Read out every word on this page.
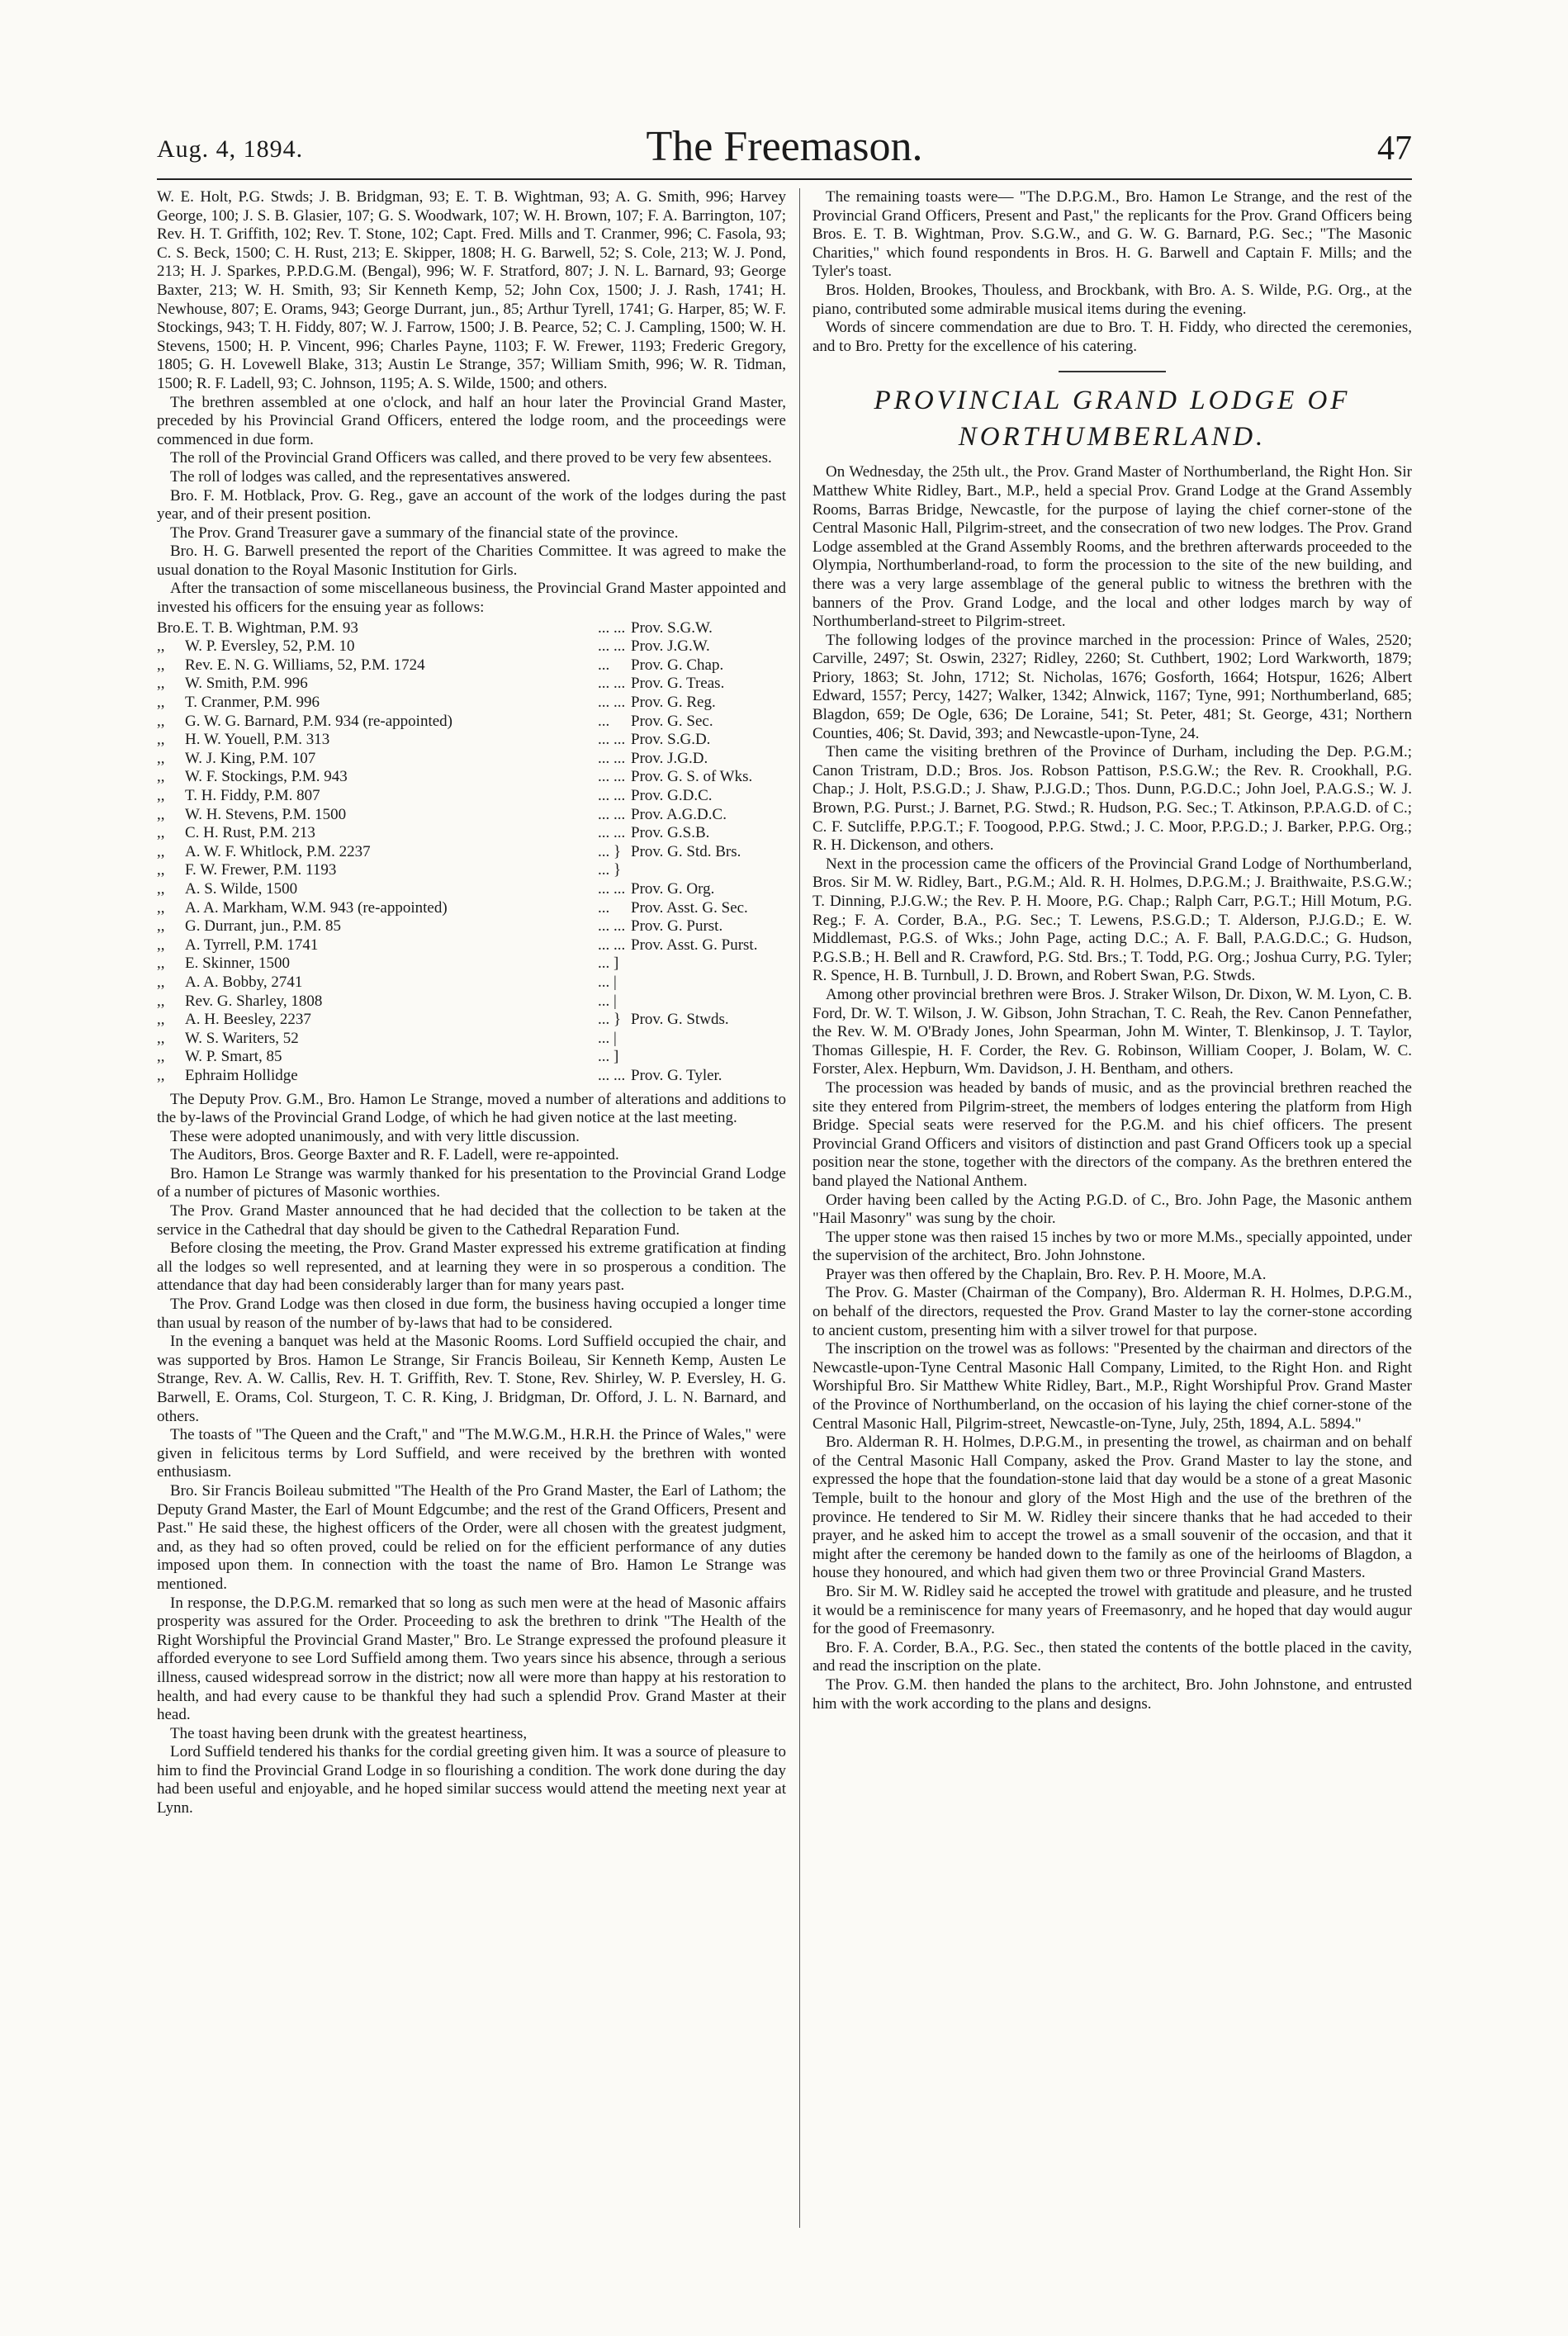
Aug. 4, 1894.	The Freemason.	47

W. E. Holt, P.G. Stwds; J. B. Bridgman, 93; E. T. B. Wightman, 93; A. G. Smith, 996; Harvey George, 100; J. S. B. Glasier, 107; G. S. Woodwark, 107; W. H. Brown, 107; F. A. Barrington, 107; Rev. H. T. Griffith, 102; Rev. T. Stone, 102; Capt. Fred. Mills and T. Cranmer, 996; C. Fasola, 93; C. S. Beck, 1500; C. H. Rust, 213; E. Skipper, 1808; H. G. Barwell, 52; S. Cole, 213; W. J. Pond, 213; H. J. Sparkes, P.P.D.G.M. (Bengal), 996; W. F. Stratford, 807; J. N. L. Barnard, 93; George Baxter, 213; W. H. Smith, 93; Sir Kenneth Kemp, 52; John Cox, 1500; J. J. Rash, 1741; H. Newhouse, 807; E. Orams, 943; George Durrant, jun., 85; Arthur Tyrell, 1741; G. Harper, 85; W. F. Stockings, 943; T. H. Fiddy, 807; W. J. Farrow, 1500; J. B. Pearce, 52; C. J. Campling, 1500; W. H. Stevens, 1500; H. P. Vincent, 996; Charles Payne, 1103; F. W. Frewer, 1193; Frederic Gregory, 1805; G. H. Lovewell Blake, 313; Austin Le Strange, 357; William Smith, 996; W. R. Tidman, 1500; R. F. Ladell, 93; C. Johnson, 1195; A. S. Wilde, 1500; and others.

The brethren assembled at one o'clock, and half an hour later the Provincial Grand Master, preceded by his Provincial Grand Officers, entered the lodge room, and the proceedings were commenced in due form.

The roll of the Provincial Grand Officers was called, and there proved to be very few absentees.

The roll of lodges was called, and the representatives answered.

Bro. F. M. Hotblack, Prov. G. Reg., gave an account of the work of the lodges during the past year, and of their present position.

The Prov. Grand Treasurer gave a summary of the financial state of the province.

Bro. H. G. Barwell presented the report of the Charities Committee. It was agreed to make the usual donation to the Royal Masonic Institution for Girls.

After the transaction of some miscellaneous business, the Provincial Grand Master appointed and invested his officers for the ensuing year as follows:

Bro. E. T. B. Wightman, P.M. 93	... ... Prov. S.G.W.
,,	W. P. Eversley, 52, P.M. 10	... ... Prov. J.G.W.
,,	Rev. E. N. G. Williams, 52, P.M. 1724	...	Prov. G. Chap.
,,	W. Smith, P.M. 996	... ... Prov. G. Treas.
,,	T. Cranmer, P.M. 996	... ... Prov. G. Reg.
,,	G. W. G. Barnard, P.M. 934 (re-appointed)	...	Prov. G. Sec.
,,	H. W. Youell, P.M. 313	... ... Prov. S.G.D.
,,	W. J. King, P.M. 107	... ... Prov. J.G.D.
,,	W. F. Stockings, P.M. 943	... ... Prov. G. S. of Wks.
,,	T. H. Fiddy, P.M. 807	... ... Prov. G.D.C.
,,	W. H. Stevens, P.M. 1500	... ... Prov. A.G.D.C.
,,	C. H. Rust, P.M. 213	... ... Prov. G.S.B.
,,	A. W. F. Whitlock, P.M. 2237	... } Prov. G. Std. Brs.
,,	F. W. Frewer, P.M. 1193	... }
,,	A. S. Wilde, 1500	... ... Prov. G. Org.
,,	A. A. Markham, W.M. 943 (re-appointed)	...	Prov. Asst. G. Sec.
,,	G. Durrant, jun., P.M. 85	... ... Prov. G. Purst.
,,	A. Tyrrell, P.M. 1741	... ... Prov. Asst. G. Purst.
,,	E. Skinner, 1500	... ]
,,	A. A. Bobby, 2741	... |
,,	Rev. G. Sharley, 1808	... |
,,	A. H. Beesley, 2237	... } Prov. G. Stwds.
,,	W. S. Wariters, 52	... |
,,	W. P. Smart, 85	... ]
,,	Ephraim Hollidge	... ... Prov. G. Tyler.

The Deputy Prov. G.M., Bro. Hamon Le Strange, moved a number of alterations and additions to the by-laws of the Provincial Grand Lodge, of which he had given notice at the last meeting.

These were adopted unanimously, and with very little discussion.

The Auditors, Bros. George Baxter and R. F. Ladell, were re-appointed.

Bro. Hamon Le Strange was warmly thanked for his presentation to the Provincial Grand Lodge of a number of pictures of Masonic worthies.

The Prov. Grand Master announced that he had decided that the collection to be taken at the service in the Cathedral that day should be given to the Cathedral Reparation Fund.

Before closing the meeting, the Prov. Grand Master expressed his extreme gratification at finding all the lodges so well represented, and at learning they were in so prosperous a condition. The attendance that day had been considerably larger than for many years past.

The Prov. Grand Lodge was then closed in due form, the business having occupied a longer time than usual by reason of the number of by-laws that had to be considered.

In the evening a banquet was held at the Masonic Rooms. Lord Suffield occupied the chair, and was supported by Bros. Hamon Le Strange, Sir Francis Boileau, Sir Kenneth Kemp, Austen Le Strange, Rev. A. W. Callis, Rev. H. T. Griffith, Rev. T. Stone, Rev. Shirley, W. P. Eversley, H. G. Barwell, E. Orams, Col. Sturgeon, T. C. R. King, J. Bridgman, Dr. Offord, J. L. N. Barnard, and others.

The toasts of "The Queen and the Craft," and "The M.W.G.M., H.R.H. the Prince of Wales," were given in felicitous terms by Lord Suffield, and were received by the brethren with wonted enthusiasm.

Bro. Sir Francis Boileau submitted "The Health of the Pro Grand Master, the Earl of Lathom; the Deputy Grand Master, the Earl of Mount Edgcumbe; and the rest of the Grand Officers, Present and Past." He said these, the highest officers of the Order, were all chosen with the greatest judgment, and, as they had so often proved, could be relied on for the efficient performance of any duties imposed upon them. In connection with the toast the name of Bro. Hamon Le Strange was mentioned.

In response, the D.P.G.M. remarked that so long as such men were at the head of Masonic affairs prosperity was assured for the Order. Proceeding to ask the brethren to drink "The Health of the Right Worshipful the Provincial Grand Master," Bro. Le Strange expressed the profound pleasure it afforded everyone to see Lord Suffield among them. Two years since his absence, through a serious illness, caused widespread sorrow in the district; now all were more than happy at his restoration to health, and had every cause to be thankful they had such a splendid Prov. Grand Master at their head.

The toast having been drunk with the greatest heartiness,

Lord Suffield tendered his thanks for the cordial greeting given him. It was a source of pleasure to him to find the Provincial Grand Lodge in so flourishing a condition. The work done during the day had been useful and enjoyable, and he hoped similar success would attend the meeting next year at Lynn.

The remaining toasts were— "The D.P.G.M., Bro. Hamon Le Strange, and the rest of the Provincial Grand Officers, Present and Past," the replicants for the Prov. Grand Officers being Bros. E. T. B. Wightman, Prov. S.G.W., and G. W. G. Barnard, P.G. Sec.; "The Masonic Charities," which found respondents in Bros. H. G. Barwell and Captain F. Mills; and the Tyler's toast.

Bros. Holden, Brookes, Thouless, and Brockbank, with Bro. A. S. Wilde, P.G. Org., at the piano, contributed some admirable musical items during the evening.

Words of sincere commendation are due to Bro. T. H. Fiddy, who directed the ceremonies, and to Bro. Pretty for the excellence of his catering.

PROVINCIAL GRAND LODGE OF
NORTHUMBERLAND.

On Wednesday, the 25th ult., the Prov. Grand Master of Northumberland, the Right Hon. Sir Matthew White Ridley, Bart., M.P., held a special Prov. Grand Lodge at the Grand Assembly Rooms, Barras Bridge, Newcastle, for the purpose of laying the chief corner-stone of the Central Masonic Hall, Pilgrim-street, and the consecration of two new lodges. The Prov. Grand Lodge assembled at the Grand Assembly Rooms, and the brethren afterwards proceeded to the Olympia, Northumberland-road, to form the procession to the site of the new building, and there was a very large assemblage of the general public to witness the brethren with the banners of the Prov. Grand Lodge, and the local and other lodges march by way of Northumberland-street to Pilgrim-street.

The following lodges of the province marched in the procession: Prince of Wales, 2520; Carville, 2497; St. Oswin, 2327; Ridley, 2260; St. Cuthbert, 1902; Lord Warkworth, 1879; Priory, 1863; St. John, 1712; St. Nicholas, 1676; Gosforth, 1664; Hotspur, 1626; Albert Edward, 1557; Percy, 1427; Walker, 1342; Alnwick, 1167; Tyne, 991; Northumberland, 685; Blagdon, 659; De Ogle, 636; De Loraine, 541; St. Peter, 481; St. George, 431; Northern Counties, 406; St. David, 393; and Newcastle-upon-Tyne, 24.

Then came the visiting brethren of the Province of Durham, including the Dep. P.G.M.; Canon Tristram, D.D.; Bros. Jos. Robson Pattison, P.S.G.W.; the Rev. R. Crookhall, P.G. Chap.; J. Holt, P.S.G.D.; J. Shaw, P.J.G.D.; Thos. Dunn, P.G.D.C.; John Joel, P.A.G.S.; W. J. Brown, P.G. Purst.; J. Barnet, P.G. Stwd.; R. Hudson, P.G. Sec.; T. Atkinson, P.P.A.G.D. of C.; C. F. Sutcliffe, P.P.G.T.; F. Toogood, P.P.G. Stwd.; J. C. Moor, P.P.G.D.; J. Barker, P.P.G. Org.; R. H. Dickenson, and others.

Next in the procession came the officers of the Provincial Grand Lodge of Northumberland, Bros. Sir M. W. Ridley, Bart., P.G.M.; Ald. R. H. Holmes, D.P.G.M.; J. Braithwaite, P.S.G.W.; T. Dinning, P.J.G.W.; the Rev. P. H. Moore, P.G. Chap.; Ralph Carr, P.G.T.; Hill Motum, P.G. Reg.; F. A. Corder, B.A., P.G. Sec.; T. Lewens, P.S.G.D.; T. Alderson, P.J.G.D.; E. W. Middlemast, P.G.S. of Wks.; John Page, acting D.C.; A. F. Ball, P.A.G.D.C.; G. Hudson, P.G.S.B.; H. Bell and R. Crawford, P.G. Std. Brs.; T. Todd, P.G. Org.; Joshua Curry, P.G. Tyler; R. Spence, H. B. Turnbull, J. D. Brown, and Robert Swan, P.G. Stwds.

Among other provincial brethren were Bros. J. Straker Wilson, Dr. Dixon, W. M. Lyon, C. B. Ford, Dr. W. T. Wilson, J. W. Gibson, John Strachan, T. C. Reah, the Rev. Canon Pennefather, the Rev. W. M. O'Brady Jones, John Spearman, John M. Winter, T. Blenkinsop, J. T. Taylor, Thomas Gillespie, H. F. Corder, the Rev. G. Robinson, William Cooper, J. Bolam, W. C. Forster, Alex. Hepburn, Wm. Davidson, J. H. Bentham, and others.

The procession was headed by bands of music, and as the provincial brethren reached the site they entered from Pilgrim-street, the members of lodges entering the platform from High Bridge. Special seats were reserved for the P.G.M. and his chief officers. The present Provincial Grand Officers and visitors of distinction and past Grand Officers took up a special position near the stone, together with the directors of the company. As the brethren entered the band played the National Anthem.

Order having been called by the Acting P.G.D. of C., Bro. John Page, the Masonic anthem "Hail Masonry" was sung by the choir.

The upper stone was then raised 15 inches by two or more M.Ms., specially appointed, under the supervision of the architect, Bro. John Johnstone.

Prayer was then offered by the Chaplain, Bro. Rev. P. H. Moore, M.A.

The Prov. G. Master (Chairman of the Company), Bro. Alderman R. H. Holmes, D.P.G.M., on behalf of the directors, requested the Prov. Grand Master to lay the corner-stone according to ancient custom, presenting him with a silver trowel for that purpose.

The inscription on the trowel was as follows: "Presented by the chairman and directors of the Newcastle-upon-Tyne Central Masonic Hall Company, Limited, to the Right Hon. and Right Worshipful Bro. Sir Matthew White Ridley, Bart., M.P., Right Worshipful Prov. Grand Master of the Province of Northumberland, on the occasion of his laying the chief corner-stone of the Central Masonic Hall, Pilgrim-street, Newcastle-on-Tyne, July, 25th, 1894, A.L. 5894."

Bro. Alderman R. H. Holmes, D.P.G.M., in presenting the trowel, as chairman and on behalf of the Central Masonic Hall Company, asked the Prov. Grand Master to lay the stone, and expressed the hope that the foundation-stone laid that day would be a stone of a great Masonic Temple, built to the honour and glory of the Most High and the use of the brethren of the province. He tendered to Sir M. W. Ridley their sincere thanks that he had acceded to their prayer, and he asked him to accept the trowel as a small souvenir of the occasion, and that it might after the ceremony be handed down to the family as one of the heirlooms of Blagdon, a house they honoured, and which had given them two or three Provincial Grand Masters.

Bro. Sir M. W. Ridley said he accepted the trowel with gratitude and pleasure, and he trusted it would be a reminiscence for many years of Freemasonry, and he hoped that day would augur for the good of Freemasonry.

Bro. F. A. Corder, B.A., P.G. Sec., then stated the contents of the bottle placed in the cavity, and read the inscription on the plate.

The Prov. G.M. then handed the plans to the architect, Bro. John Johnstone, and entrusted him with the work according to the plans and designs.
